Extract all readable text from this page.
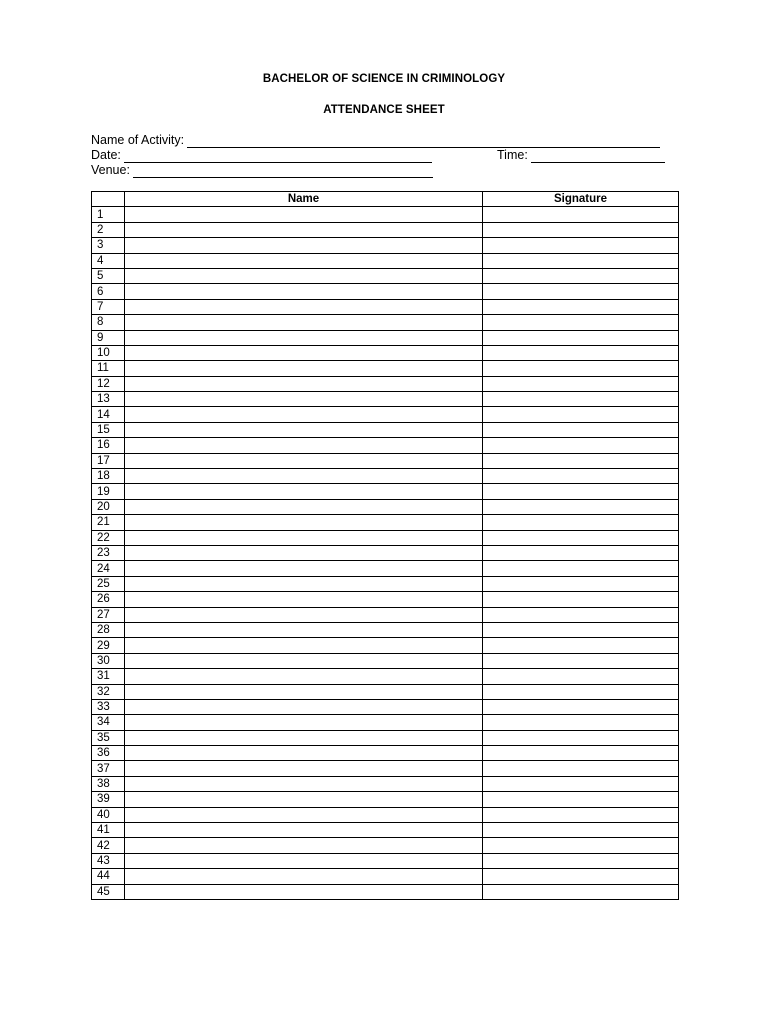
BACHELOR OF SCIENCE IN CRIMINOLOGY
ATTENDANCE SHEET
Name of Activity:
Date:	Time:
Venue:
	Name	Signature
1		
2		
3		
4		
5		
6		
7		
8		
9		
10		
11		
12		
13		
14		
15		
16		
17		
18		
19		
20		
21		
22		
23		
24		
25		
26		
27		
28		
29		
30		
31		
32		
33		
34		
35		
36		
37		
38		
39		
40		
41		
42		
43		
44		
45		
